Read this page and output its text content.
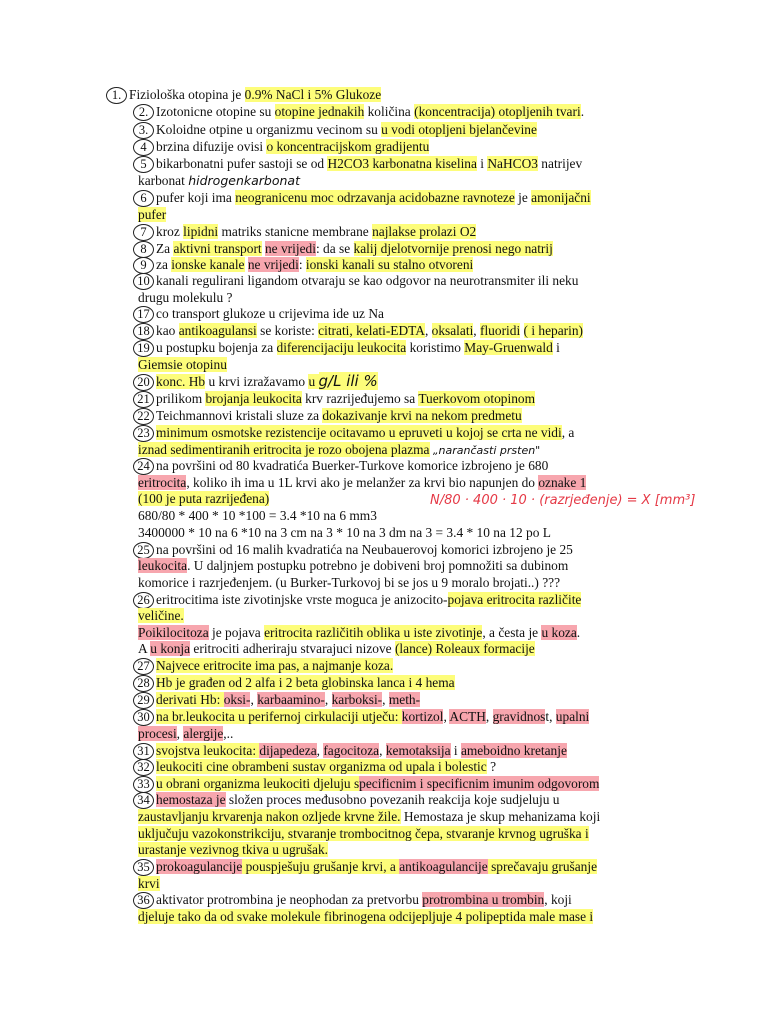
1. Fiziološka otopina je 0.9% NaCl i 5% Glukoze
2. Izotonicne otopine su otopine jednakih količina (koncentracija) otopljenih tvari.
3. Koloidne otpine u organizmu vecinom su u vodi otopljeni bjelančevine
4 brzina difuzije ovisi o koncentracijskom gradijentu
5 bikarbonatni pufer sastoji se od H2CO3 karbonatna kiselina i NaHCO3 natrijev
karbonat hidrogenkarbonat
6 pufer koji ima neogranicenu moc odrzavanja acidobazne ravnoteze je amonijačni
pufer
7 kroz lipidni matriks stanicne membrane najlakse prolazi O2
8 Za aktivni transport ne vrijedi: da se kalij djelotvornije prenosi nego natrij
9 za ionske kanale ne vrijedi: ionski kanali su stalno otvoreni
10 kanali regulirani ligandom otvaraju se kao odgovor na neurotransmiter ili neku
drugu molekulu ?
17 co transport glukoze u crijevima ide uz Na
18 kao antikoagulansi se koriste: citrati, kelati-EDTA, oksalati, fluoridi ( i heparin)
19 u postupku bojenja za diferencijaciju leukocita koristimo May-Gruenwald i
Giemsie otopinu
20 konc. Hb u krvi izražavamo u g/L ili %
21 prilikom brojanja leukocita krv razrijeđujemo sa Tuerkovom otopinom
22 Teichmannovi kristali sluze za dokazivanje krvi na nekom predmetu
23 minimum osmotske rezistencije ocitavamo u epruveti u kojoj se crta ne vidi, a
iznad sedimentiranih eritrocita je rozo obojena plazma „narančasti prsten"
24 na površini od 80 kvadratića Buerker-Turkove komorice izbrojeno je 680
eritrocita, koliko ih ima u 1L krvi ako je melanžer za krvi bio napunjen do oznake 1
(100 je puta razrijeđena)
680/80 * 400 * 10 *100 = 3.4 *10 na 6 mm3
3400000 * 10 na 6 *10 na 3 cm na 3 * 10 na 3 dm na 3 = 3.4 * 10 na 12 po L
25 na površini od 16 malih kvadratića na Neubauerovoj komorici izbrojeno je 25
leukocita. U daljnjem postupku potrebno je dobiveni broj pomnožiti sa dubinom
komorice i razrjeđenjem. (u Burker-Turkovoj bi se jos u 9 moralo brojati..) ???
26 eritrocitima iste zivotinjske vrste moguca je anizocito-pojava eritrocita različite
veličine.
Poikilocitoza je pojava eritrocita različitih oblika u iste zivotinje, a česta je u koza.
A u konja eritrociti adheriraju stvarajuci nizove (lance) Roleaux formacije
27 Najvece eritrocite ima pas, a najmanje koza.
28 Hb je građen od 2 alfa i 2 beta globinska lanca i 4 hema
29 derivati Hb: oksi-, karbaamino-, karboksi-, meth-
30 na br.leukocita u perifernoj cirkulaciji utječu: kortizol, ACTH, gravidnost, upalni
procesi, alergije,..
31 svojstva leukocita: dijapedeza, fagocitoza, kemotaksija i ameboidno kretanje
32 leukociti cine obrambeni sustav organizma od upala i bolestic ?
33 u obrani organizma leukociti djeluju specificnim i specificnim imunim odgovorom
34 hemostaza je složen proces međusobno povezanih reakcija koje sudjeluju u
zaustavljanju krvarenja nakon ozljede krvne žile. Hemostaza je skup mehanizama koji
uključuju vazokonstrikciju, stvaranje trombocitnog čepa, stvaranje krvnog ugruška i
urastanje vezivnog tkiva u ugrušak.
35 prokoagulancije pouspješuju grušanje krvi, a antikoagulancije sprečavaju grušanje
krvi
36 aktivator protrombina je neophodan za pretvorbu protrombina u trombin, koji
djeluje tako da od svake molekule fibrinogena odcijepljuje 4 polipeptida male mase i
N/80 · 400 · 10 · (razrjeđenje) = X [mm³]
